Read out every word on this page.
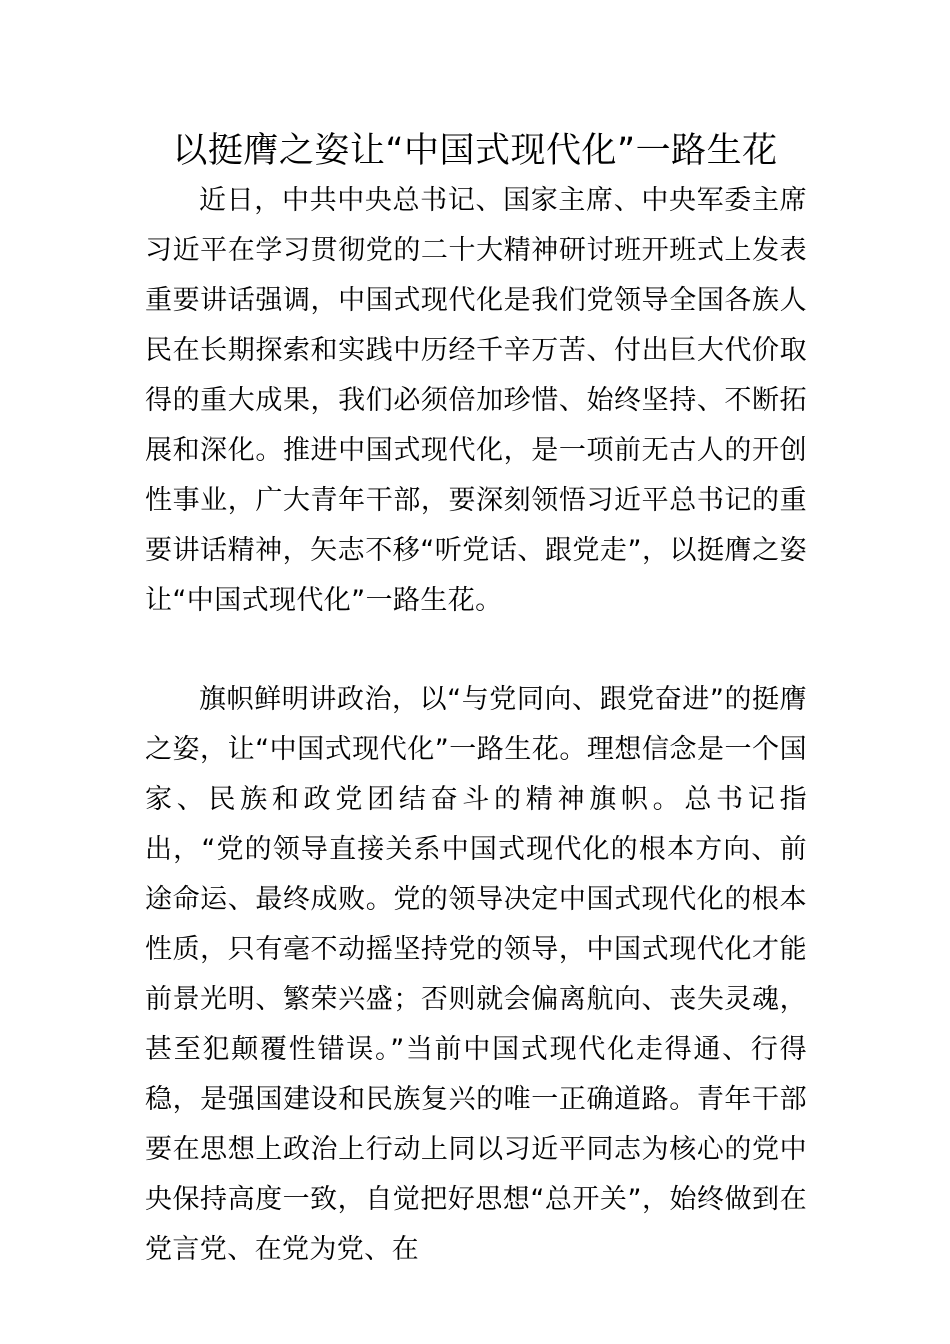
以挺膺之姿让“中国式现代化”一路生花

近日，中共中央总书记、国家主席、中央军委主席习近平在学习贯彻党的二十大精神研讨班开班式上发表重要讲话强调，中国式现代化是我们党领导全国各族人民在长期探索和实践中历经千辛万苦、付出巨大代价取得的重大成果，我们必须倍加珍惜、始终坚持、不断拓展和深化。推进中国式现代化，是一项前无古人的开创性事业，广大青年干部，要深刻领悟习近平总书记的重要讲话精神，矢志不移“听党话、跟党走”，以挺膺之姿让“中国式现代化”一路生花。

旗帜鲜明讲政治，以“与党同向、跟党奋进”的挺膺之姿，让“中国式现代化”一路生花。理想信念是一个国家、民族和政党团结奋斗的精神旗帜。总书记指出，“党的领导直接关系中国式现代化的根本方向、前途命运、最终成败。党的领导决定中国式现代化的根本性质，只有毫不动摇坚持党的领导，中国式现代化才能前景光明、繁荣兴盛；否则就会偏离航向、丧失灵魂，甚至犯颠覆性错误。”当前中国式现代化走得通、行得稳，是强国建设和民族复兴的唯一正确道路。青年干部要在思想上政治上行动上同以习近平同志为核心的党中央保持高度一致，自觉把好思想“总开关”，始终做到在党言党、在党为党、在
